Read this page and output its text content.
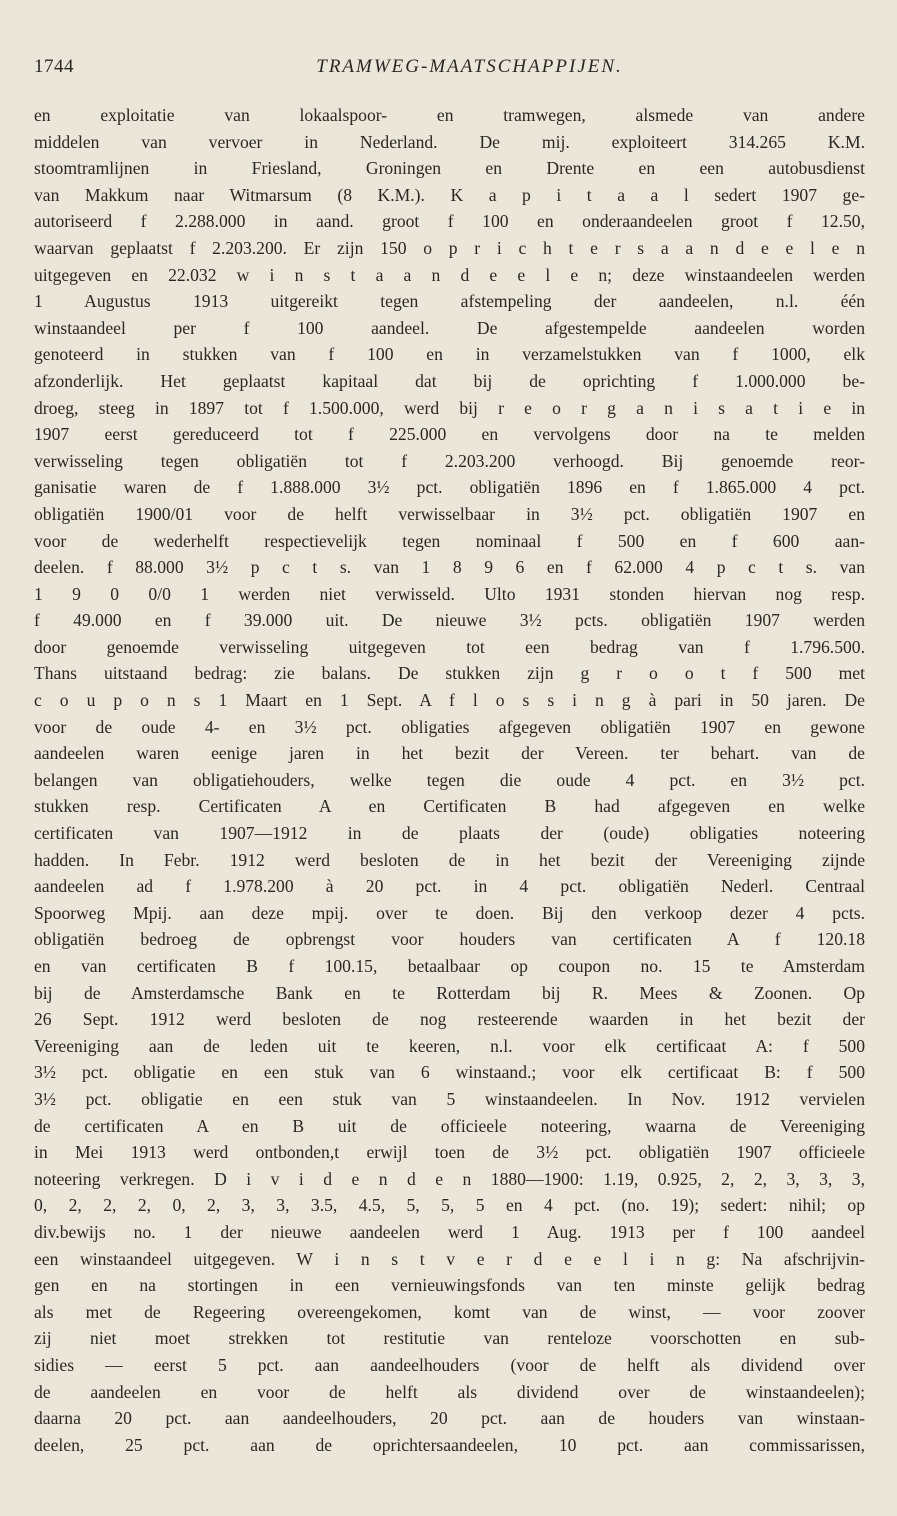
1744	TRAMWEG-MAATSCHAPPIJEN.
en exploitatie van lokaalspoor- en tramwegen, alsmede van andere
middelen van vervoer in Nederland. De mij. exploiteert 314.265 K.M.
stoomtramlijnen in Friesland, Groningen en Drente en een autobusdienst
van Makkum naar Witmarsum (8 K.M.). K a p i t a a l sedert 1907 ge-
autoriseerd f 2.288.000 in aand. groot f 100 en onderaandeelen groot f 12.50,
waarvan geplaatst f 2.203.200. Er zijn 150 o p r i c h t e r s a a n d e e l e n
uitgegeven en 22.032 w i n s t a a n d e e l e n; deze winstaandeelen werden
1 Augustus 1913 uitgereikt tegen afstempeling der aandeelen, n.l. één
winstaandeel per f 100 aandeel. De afgestempelde aandeelen worden
genoteerd in stukken van f 100 en in verzamelstukken van f 1000, elk
afzonderlijk. Het geplaatst kapitaal dat bij de oprichting f 1.000.000 be-
droeg, steeg in 1897 tot f 1.500.000, werd bij r e o r g a n i s a t i e in
1907 eerst gereduceerd tot f 225.000 en vervolgens door na te melden
verwisseling tegen obligatiën tot f 2.203.200 verhoogd. Bij genoemde reor-
ganisatie waren de f 1.888.000 3½ pct. obligatiën 1896 en f 1.865.000 4 pct.
obligatiën 1900/01 voor de helft verwisselbaar in 3½ pct. obligatiën 1907 en
voor de wederhelft respectievelijk tegen nominaal f 500 en f 600 aan-
deelen. f 88.000 3½ p c t s. van 1 8 9 6 en f 62.000 4 p c t s. van
1 9 0 0/0 1 werden niet verwisseld. Ulto 1931 stonden hiervan nog resp.
f 49.000 en f 39.000 uit. De nieuwe 3½ pcts. obligatiën 1907 werden
door genoemde verwisseling uitgegeven tot een bedrag van f 1.796.500.
Thans uitstaand bedrag: zie balans. De stukken zijn g r o o t f 500 met
c o u p o n s 1 Maart en 1 Sept. A f l o s s i n g à pari in 50 jaren. De
voor de oude 4- en 3½ pct. obligaties afgegeven obligatiën 1907 en gewone
aandeelen waren eenige jaren in het bezit der Vereen. ter behart. van de
belangen van obligatiehouders, welke tegen die oude 4 pct. en 3½ pct.
stukken resp. Certificaten A en Certificaten B had afgegeven en welke
certificaten van 1907—1912 in de plaats der (oude) obligaties noteering
hadden. In Febr. 1912 werd besloten de in het bezit der Vereeniging zijnde
aandeelen ad f 1.978.200 à 20 pct. in 4 pct. obligatiën Nederl. Centraal
Spoorweg Mpij. aan deze mpij. over te doen. Bij den verkoop dezer 4 pcts.
obligatiën bedroeg de opbrengst voor houders van certificaten A f 120.18
en van certificaten B f 100.15, betaalbaar op coupon no. 15 te Amsterdam
bij de Amsterdamsche Bank en te Rotterdam bij R. Mees & Zoonen. Op
26 Sept. 1912 werd besloten de nog resteerende waarden in het bezit der
Vereeniging aan de leden uit te keeren, n.l. voor elk certificaat A: f 500
3½ pct. obligatie en een stuk van 6 winstaand.; voor elk certificaat B: f 500
3½ pct. obligatie en een stuk van 5 winstaandeelen. In Nov. 1912 vervielen
de certificaten A en B uit de officieele noteering, waarna de Vereeniging
in Mei 1913 werd ontbonden,t erwijl toen de 3½ pct. obligatiën 1907 officieele
noteering verkregen. D i v i d e n d e n 1880—1900: 1.19, 0.925, 2, 2, 3, 3, 3,
0, 2, 2, 2, 0, 2, 3, 3, 3.5, 4.5, 5, 5, 5 en 4 pct. (no. 19); sedert: nihil; op
div.bewijs no. 1 der nieuwe aandeelen werd 1 Aug. 1913 per f 100 aandeel
een winstaandeel uitgegeven. W i n s t v e r d e e l i n g: Na afschrijvin-
gen en na stortingen in een vernieuwingsfonds van ten minste gelijk bedrag
als met de Regeering overeengekomen, komt van de winst, — voor zoover
zij niet moet strekken tot restitutie van renteloze voorschotten en sub-
sidies — eerst 5 pct. aan aandeelhouders (voor de helft als dividend over
de aandeelen en voor de helft als dividend over de winstaandeelen);
daarna 20 pct. aan aandeelhouders, 20 pct. aan de houders van winstaan-
deelen, 25 pct. aan de oprichtersaandeelen, 10 pct. aan commissarissen,
